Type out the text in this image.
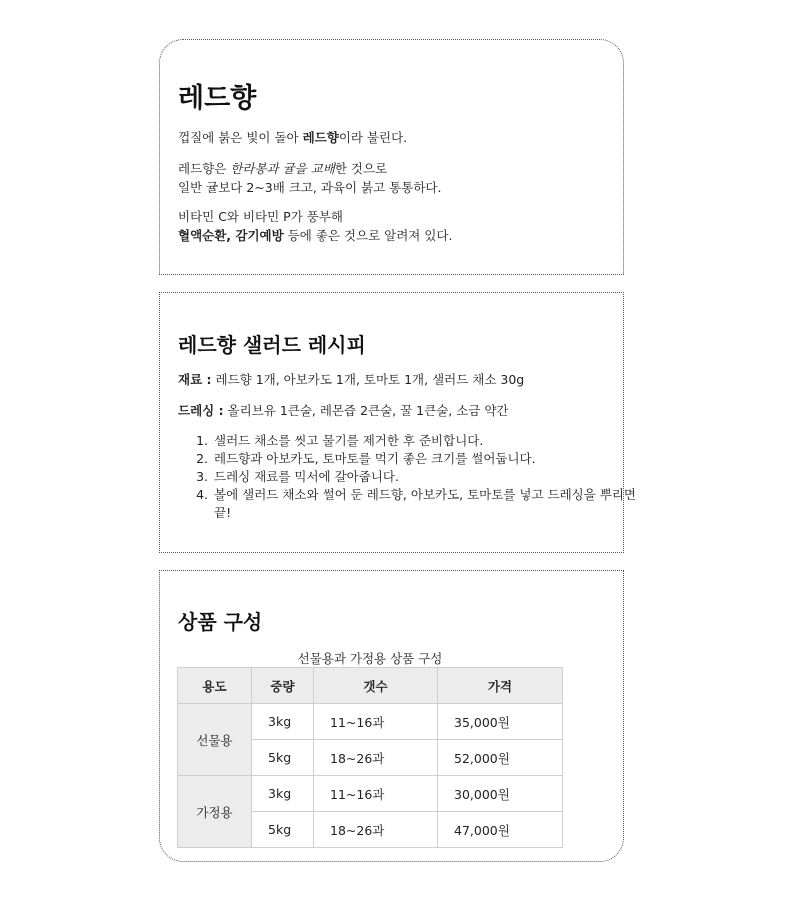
레드향

껍질에 붉은 빛이 돌아 레드향이라 불린다.

레드향은 한라봉과 귤을 교배한 것으로
일반 귤보다 2~3배 크고, 과육이 붉고 통통하다.

비타민 C와 비타민 P가 풍부해
혈액순환, 감기예방 등에 좋은 것으로 알려져 있다.

레드향 샐러드 레시피

재료 : 레드향 1개, 아보카도 1개, 토마토 1개, 샐러드 채소 30g

드레싱 : 올리브유 1큰술, 레몬즙 2큰술, 꿀 1큰술, 소금 약간

1. 샐러드 채소를 씻고 물기를 제거한 후 준비합니다.
2. 레드향과 아보카도, 토마토를 먹기 좋은 크기를 썰어둡니다.
3. 드레싱 재료를 믹서에 갈아줍니다.
4. 볼에 샐러드 채소와 썰어 둔 레드향, 아보카도, 토마토를 넣고 드레싱을 뿌리면 끝!
상품 구성
선물용과 가정용 상품 구성
용도	중량	갯수	가격
선물용	3kg	11~16과	35,000원
	5kg	18~26과	52,000원
가정용	3kg	11~16과	30,000원
	5kg	18~26과	47,000원
